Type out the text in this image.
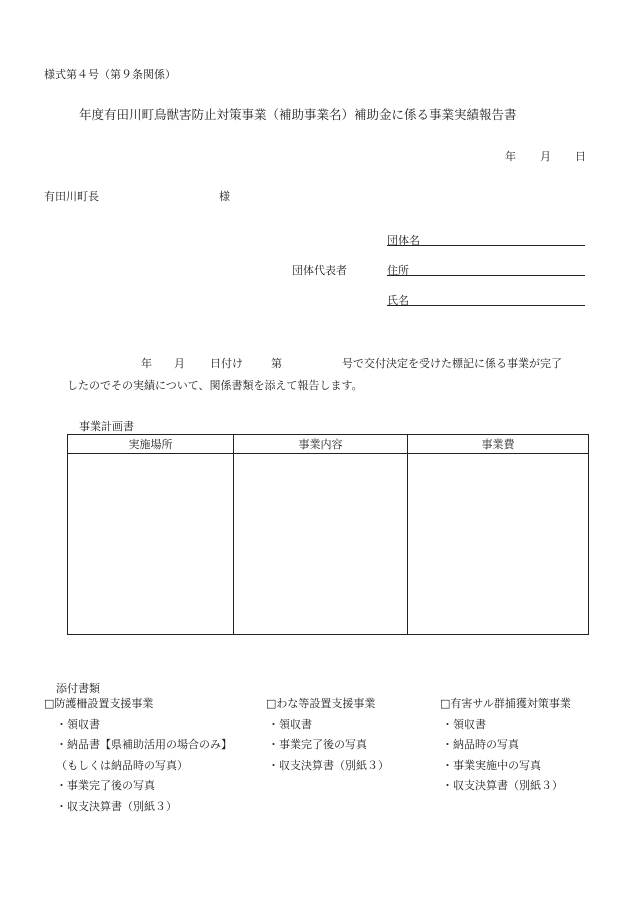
様式第４号（第９条関係）
年度有田川町鳥獣害防止対策事業（補助事業名）補助金に係る事業実績報告書
年 月 日
有田川町長	様
団体代表者
団体名
住所
氏名
年 月 日付け	第	号で交付決定を受けた標記に係る事業が完了
したのでその実績について、関係書類を添えて報告します。
事業計画書
実施場所	事業内容	事業費

添付書類
□防護柵設置支援事業
・領収書
・納品書【県補助活用の場合のみ】
（もしくは納品時の写真）
・事業完了後の写真
・収支決算書（別紙３）
□わな等設置支援事業
・領収書
・事業完了後の写真
・収支決算書（別紙３）
□有害サル群捕獲対策事業
・領収書
・納品時の写真
・事業実施中の写真
・収支決算書（別紙３）
